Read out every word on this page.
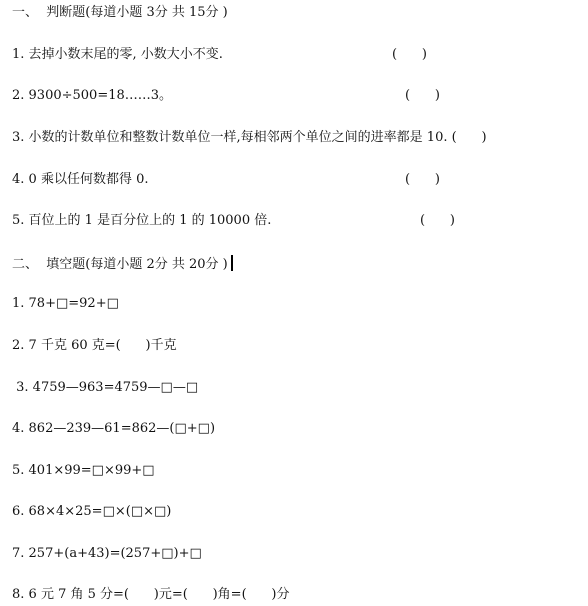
一、  判断题(每道小题 3分 共 15分 )
1. 去掉小数末尾的零, 小数大小不变.	(      )
2. 9300÷500=18……3。	(      )
3. 小数的计数单位和整数计数单位一样,每相邻两个单位之间的进率都是 10. (      )
4. 0 乘以任何数都得 0.	(      )
5. 百位上的 1 是百分位上的 1 的 10000 倍.	(      )
二、  填空题(每道小题 2分 共 20分 )
1. 78+□=92+□
2. 7 千克 60 克=(      )千克
3. 4759—963=4759—□—□
4. 862—239—61=862—(□+□)
5. 401×99=□×99+□
6. 68×4×25=□×(□×□)
7. 257+(a+43)=(257+□)+□
8. 6 元 7 角 5 分=(      )元=(      )角=(      )分
